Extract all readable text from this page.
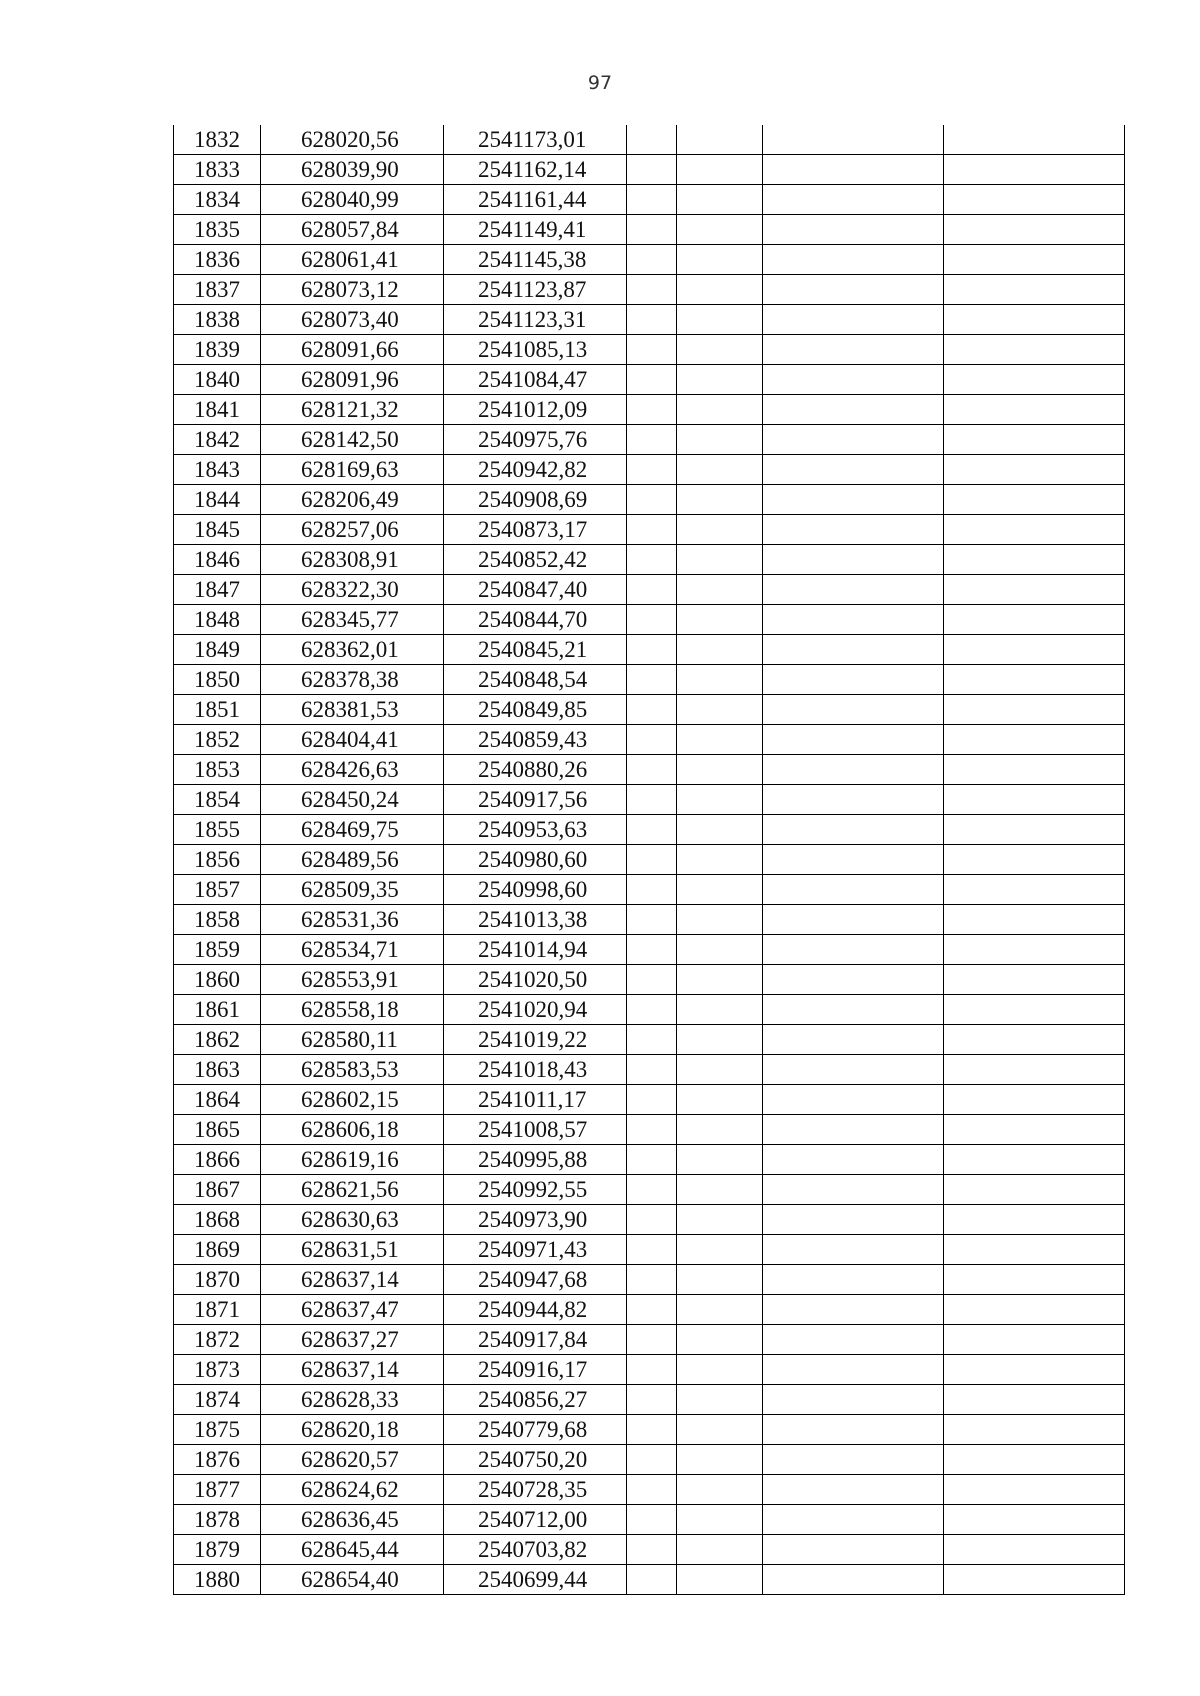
97
1832	628020,56	2541173,01				
1833	628039,90	2541162,14				
1834	628040,99	2541161,44				
1835	628057,84	2541149,41				
1836	628061,41	2541145,38				
1837	628073,12	2541123,87				
1838	628073,40	2541123,31				
1839	628091,66	2541085,13				
1840	628091,96	2541084,47				
1841	628121,32	2541012,09				
1842	628142,50	2540975,76				
1843	628169,63	2540942,82				
1844	628206,49	2540908,69				
1845	628257,06	2540873,17				
1846	628308,91	2540852,42				
1847	628322,30	2540847,40				
1848	628345,77	2540844,70				
1849	628362,01	2540845,21				
1850	628378,38	2540848,54				
1851	628381,53	2540849,85				
1852	628404,41	2540859,43				
1853	628426,63	2540880,26				
1854	628450,24	2540917,56				
1855	628469,75	2540953,63				
1856	628489,56	2540980,60				
1857	628509,35	2540998,60				
1858	628531,36	2541013,38				
1859	628534,71	2541014,94				
1860	628553,91	2541020,50				
1861	628558,18	2541020,94				
1862	628580,11	2541019,22				
1863	628583,53	2541018,43				
1864	628602,15	2541011,17				
1865	628606,18	2541008,57				
1866	628619,16	2540995,88				
1867	628621,56	2540992,55				
1868	628630,63	2540973,90				
1869	628631,51	2540971,43				
1870	628637,14	2540947,68				
1871	628637,47	2540944,82				
1872	628637,27	2540917,84				
1873	628637,14	2540916,17				
1874	628628,33	2540856,27				
1875	628620,18	2540779,68				
1876	628620,57	2540750,20				
1877	628624,62	2540728,35				
1878	628636,45	2540712,00				
1879	628645,44	2540703,82				
1880	628654,40	2540699,44				
